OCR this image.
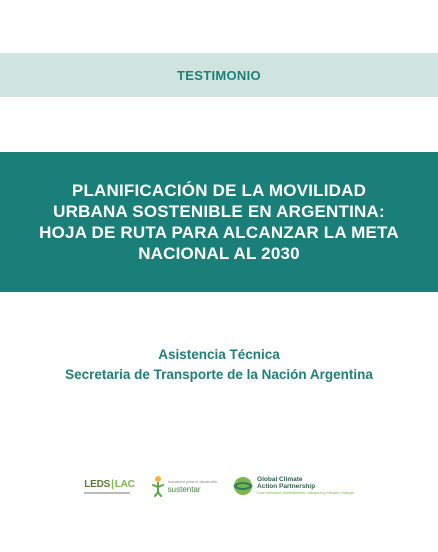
TESTIMONIO
PLANIFICACIÓN DE LA MOVILIDAD URBANA SOSTENIBLE EN ARGENTINA: HOJA DE RUTA PARA ALCANZAR LA META NACIONAL AL 2030
Asistencia Técnica
Secretaria de Transporte de la Nación Argentina
LEDS|LAC	fundación para el desarrollo
sustentar
Global Climate
Action Partnership
Low emission development, advancing climate change
